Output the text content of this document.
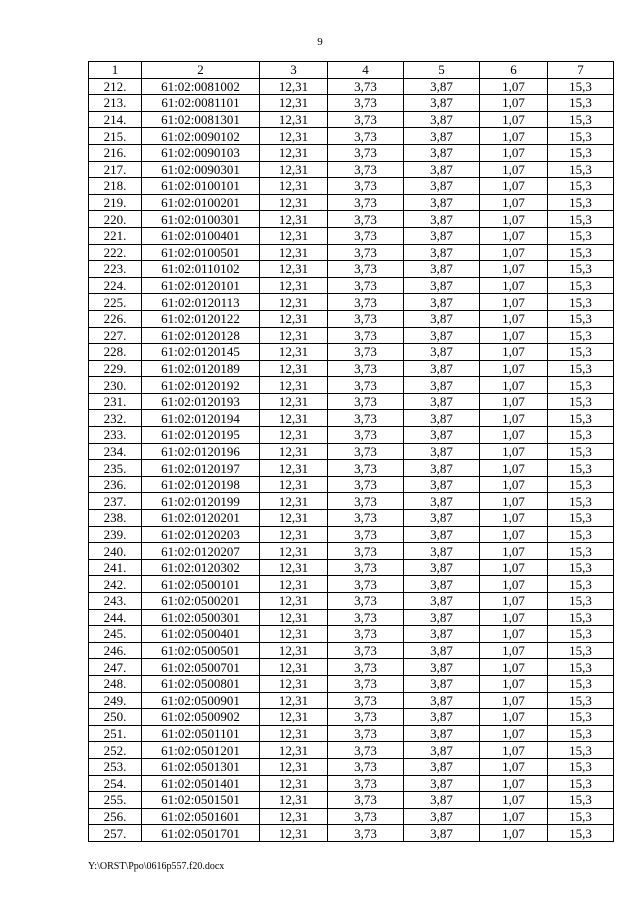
9
1	2	3	4	5	6	7
212.	61:02:0081002	12,31	3,73	3,87	1,07	15,3
213.	61:02:0081101	12,31	3,73	3,87	1,07	15,3
214.	61:02:0081301	12,31	3,73	3,87	1,07	15,3
215.	61:02:0090102	12,31	3,73	3,87	1,07	15,3
216.	61:02:0090103	12,31	3,73	3,87	1,07	15,3
217.	61:02:0090301	12,31	3,73	3,87	1,07	15,3
218.	61:02:0100101	12,31	3,73	3,87	1,07	15,3
219.	61:02:0100201	12,31	3,73	3,87	1,07	15,3
220.	61:02:0100301	12,31	3,73	3,87	1,07	15,3
221.	61:02:0100401	12,31	3,73	3,87	1,07	15,3
222.	61:02:0100501	12,31	3,73	3,87	1,07	15,3
223.	61:02:0110102	12,31	3,73	3,87	1,07	15,3
224.	61:02:0120101	12,31	3,73	3,87	1,07	15,3
225.	61:02:0120113	12,31	3,73	3,87	1,07	15,3
226.	61:02:0120122	12,31	3,73	3,87	1,07	15,3
227.	61:02:0120128	12,31	3,73	3,87	1,07	15,3
228.	61:02:0120145	12,31	3,73	3,87	1,07	15,3
229.	61:02:0120189	12,31	3,73	3,87	1,07	15,3
230.	61:02:0120192	12,31	3,73	3,87	1,07	15,3
231.	61:02:0120193	12,31	3,73	3,87	1,07	15,3
232.	61:02:0120194	12,31	3,73	3,87	1,07	15,3
233.	61:02:0120195	12,31	3,73	3,87	1,07	15,3
234.	61:02:0120196	12,31	3,73	3,87	1,07	15,3
235.	61:02:0120197	12,31	3,73	3,87	1,07	15,3
236.	61:02:0120198	12,31	3,73	3,87	1,07	15,3
237.	61:02:0120199	12,31	3,73	3,87	1,07	15,3
238.	61:02:0120201	12,31	3,73	3,87	1,07	15,3
239.	61:02:0120203	12,31	3,73	3,87	1,07	15,3
240.	61:02:0120207	12,31	3,73	3,87	1,07	15,3
241.	61:02:0120302	12,31	3,73	3,87	1,07	15,3
242.	61:02:0500101	12,31	3,73	3,87	1,07	15,3
243.	61:02:0500201	12,31	3,73	3,87	1,07	15,3
244.	61:02:0500301	12,31	3,73	3,87	1,07	15,3
245.	61:02:0500401	12,31	3,73	3,87	1,07	15,3
246.	61:02:0500501	12,31	3,73	3,87	1,07	15,3
247.	61:02:0500701	12,31	3,73	3,87	1,07	15,3
248.	61:02:0500801	12,31	3,73	3,87	1,07	15,3
249.	61:02:0500901	12,31	3,73	3,87	1,07	15,3
250.	61:02:0500902	12,31	3,73	3,87	1,07	15,3
251.	61:02:0501101	12,31	3,73	3,87	1,07	15,3
252.	61:02:0501201	12,31	3,73	3,87	1,07	15,3
253.	61:02:0501301	12,31	3,73	3,87	1,07	15,3
254.	61:02:0501401	12,31	3,73	3,87	1,07	15,3
255.	61:02:0501501	12,31	3,73	3,87	1,07	15,3
256.	61:02:0501601	12,31	3,73	3,87	1,07	15,3
257.	61:02:0501701	12,31	3,73	3,87	1,07	15,3
Y:\ORST\Ppo\0616p557.f20.docx
